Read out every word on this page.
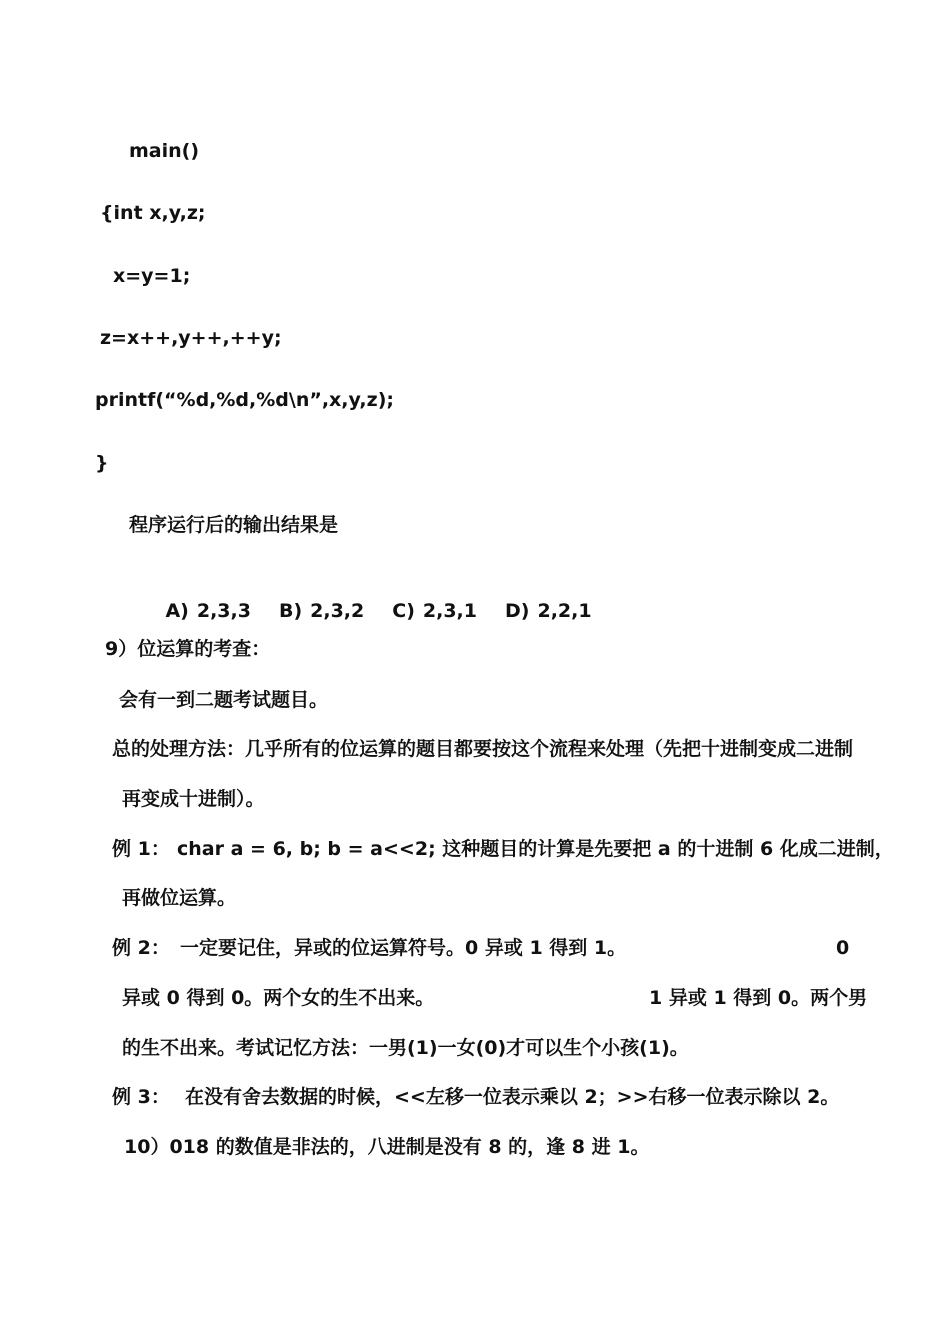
main()
{int x,y,z;
x=y=1;
z=x++,y++,++y;
printf(“%d,%d,%d\n”,x,y,z);
}
程序运行后的输出结果是

A) 2,3,3 B) 2,3,2 C) 2,3,1 D) 2,2,1

9）位运算的考查：
会有一到二题考试题目。
总的处理方法：几乎所有的位运算的题目都要按这个流程来处理（先把十进制变成二进制
再变成十进制）。
例 1： char a = 6, b; b = a<<2; 这种题目的计算是先要把 a 的十进制 6 化成二进制，
再做位运算。
例 2： 一定要记住，异或的位运算符号。0 异或 1 得到 1。	0
异或 0 得到 0。两个女的生不出来。	1 异或 1 得到 0。两个男
的生不出来。考试记忆方法：一男(1)一女(0)才可以生个小孩(1)。
例 3： 在没有舍去数据的时候，<<左移一位表示乘以 2；>>右移一位表示除以 2。
10）018 的数值是非法的，八进制是没有 8 的，逢 8 进 1。
